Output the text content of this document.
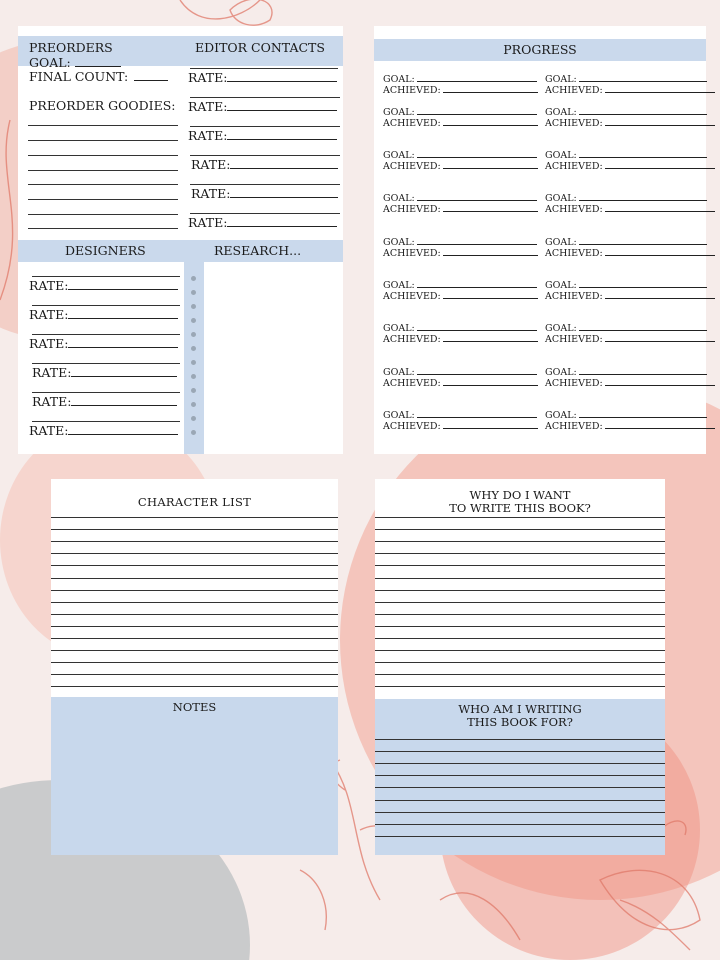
PREORDERS	EDITOR CONTACTS
GOAL:
FINAL COUNT:
PREORDER GOODIES:
RATE:
RATE:
RATE:
RATE:
RATE:
RATE:
DESIGNERS	RESEARCH...
RATE:
RATE:
RATE:
RATE:
RATE:
RATE:
PROGRESS
GOAL:
ACHIEVED:
GOAL:
ACHIEVED:
GOAL:
ACHIEVED:
GOAL:
ACHIEVED:
GOAL:
ACHIEVED:
GOAL:
ACHIEVED:
GOAL:
ACHIEVED:
GOAL:
ACHIEVED:
GOAL:
ACHIEVED:
GOAL:
ACHIEVED:
GOAL:
ACHIEVED:
GOAL:
ACHIEVED:
GOAL:
ACHIEVED:
GOAL:
ACHIEVED:
GOAL:
ACHIEVED:
GOAL:
ACHIEVED:
GOAL:
ACHIEVED:
GOAL:
ACHIEVED:
CHARACTER LIST
NOTES
WHY DO I WANT
TO WRITE THIS BOOK?
WHO AM I WRITING
THIS BOOK FOR?
